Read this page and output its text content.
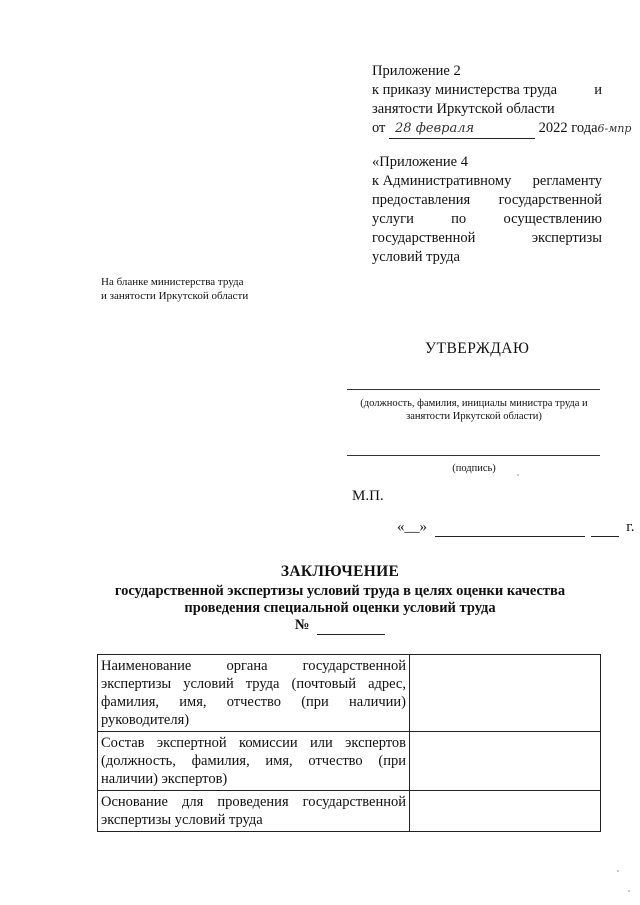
Приложение 2
к приказу министерства труда	и
занятости Иркутской области
от 28 февраля	2022 года6-мпр
«Приложение 4
к Административному регламенту
предоставления государственной
услуги	по	осуществлению
государственной	экспертизы
условий труда
На бланке министерства труда
и занятости Иркутской области
УТВЕРЖДАЮ
(должность, фамилия, инициалы министра труда и
занятости Иркутской области)
(подпись)
М.П.
«__»	г.
ЗАКЛЮЧЕНИЕ
государственной экспертизы условий труда в целях оценки качества
проведения специальной оценки условий труда
№
Наименование органа государственной экспертизы условий труда (почтовый адрес, фамилия, имя, отчество (при наличии) руководителя)	
Состав экспертной комиссии или экспертов (должность, фамилия, имя, отчество (при наличии) экспертов)	
Основание для проведения государственной экспертизы условий труда	
